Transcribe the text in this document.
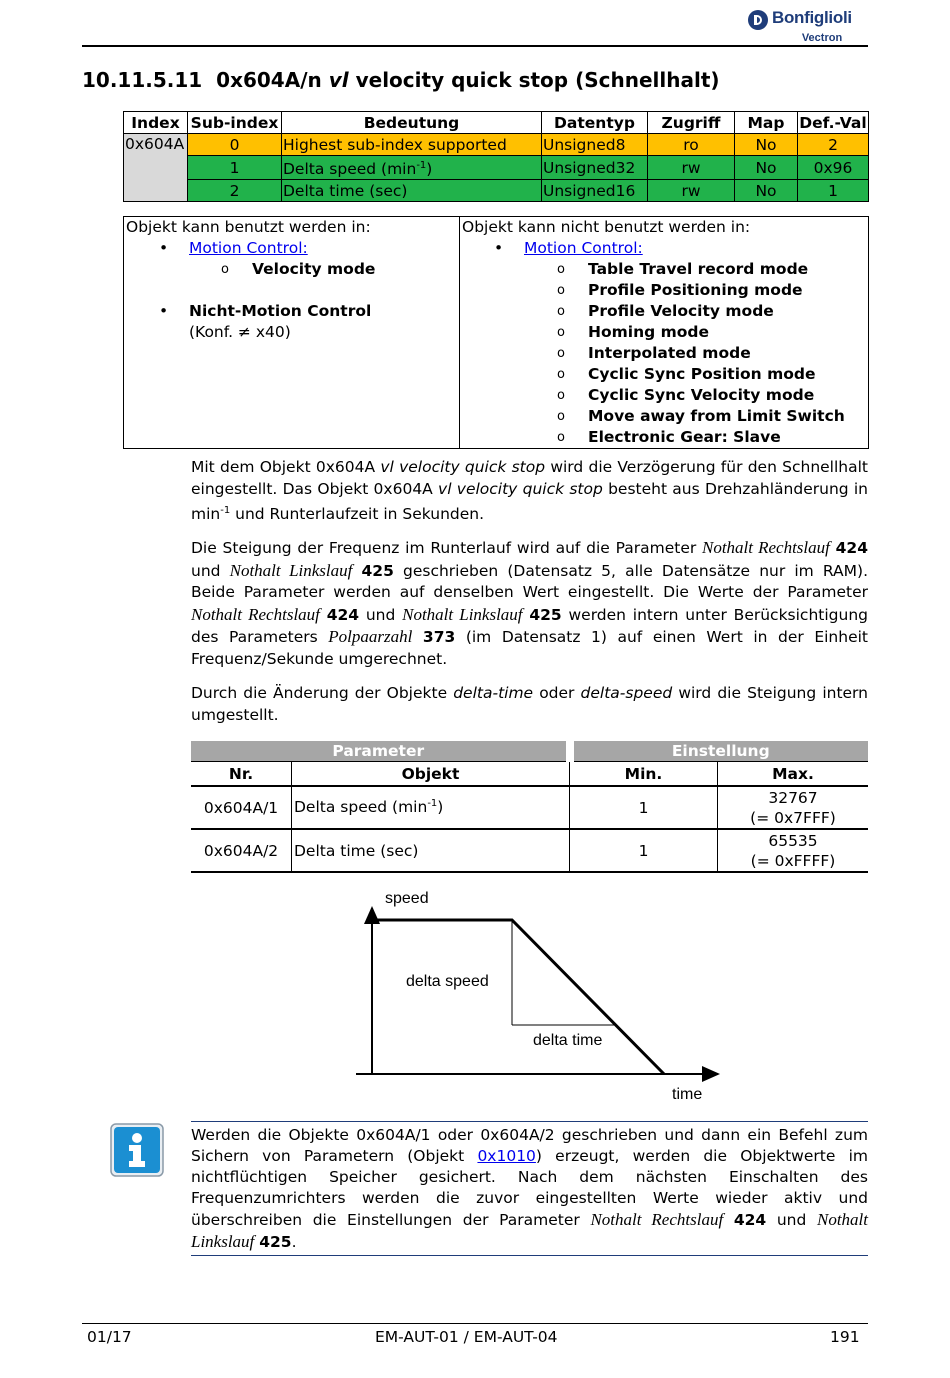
Bonfiglioli
Vectron
10.11.5.11 0x604A/n vl velocity quick stop (Schnellhalt)
Index	Sub-index	Bedeutung	Datentyp	Zugriff	Map	Def.-Val
0x604A	0	Highest sub-index supported	Unsigned8	ro	No	2
	1	Delta speed $(\min^{-1})$	Unsigned32	rw	No	0x96
	2	Delta time (sec)	Unsigned16	rw	No	1
Objekt kann benutzt werden in:
• Motion Control:
o Velocity mode
• Nicht-Motion Control
(Konf. ≠ x40)
Objekt kann nicht benutzt werden in:
• Motion Control:
o Table Travel record mode
o Profile Positioning mode
o Profile Velocity mode
o Homing mode
o Interpolated mode
o Cyclic Sync Position mode
o Cyclic Sync Velocity mode
o Move away from Limit Switch
o Electronic Gear: Slave
Mit dem Objekt 0x604A vl velocity quick stop wird die Verzögerung für den Schnellhalt eingestellt. Das Objekt 0x604A vl velocity quick stop besteht aus Drehzahländerung in $\min^{-1}$ und Runterlaufzeit in Sekunden.
Die Steigung der Frequenz im Runterlauf wird auf die Parameter Nothalt Rechtslauf 424 und Nothalt Linkslauf 425 geschrieben (Datensatz 5, alle Datensätze nur im RAM). Beide Parameter werden auf denselben Wert eingestellt. Die Werte der Parameter Nothalt Rechtslauf 424 und Nothalt Linkslauf 425 werden intern unter Berücksichtigung des Parameters Polpaarzahl 373 (im Datensatz 1) auf einen Wert in der Einheit Frequenz/Sekunde umgerechnet.
Durch die Änderung der Objekte delta-time oder delta-speed wird die Steigung intern umgestellt.
Parameter		Einstellung	
Nr.	Objekt	Min.	Max.
0x604A/1	Delta speed $(\min^{-1})$	1	32767
(= 0x7FFF)

0x604A/2	Delta time (sec)	1	65535
(= 0xFFFF)
speed
delta speed
delta time
time
Werden die Objekte 0x604A/1 oder 0x604A/2 geschrieben und dann ein Befehl zum Sichern von Parametern (Objekt 0x1010) erzeugt, werden die Objektwerte im nichtflüchtigen Speicher gesichert. Nach dem nächsten Einschalten des Frequenzumrichters werden die zuvor eingestellten Werte wieder aktiv und überschreiben die Einstellungen der Parameter Nothalt Rechtslauf 424 und Nothalt Linkslauf 425.
01/17	EM-AUT-01 / EM-AUT-04	191
